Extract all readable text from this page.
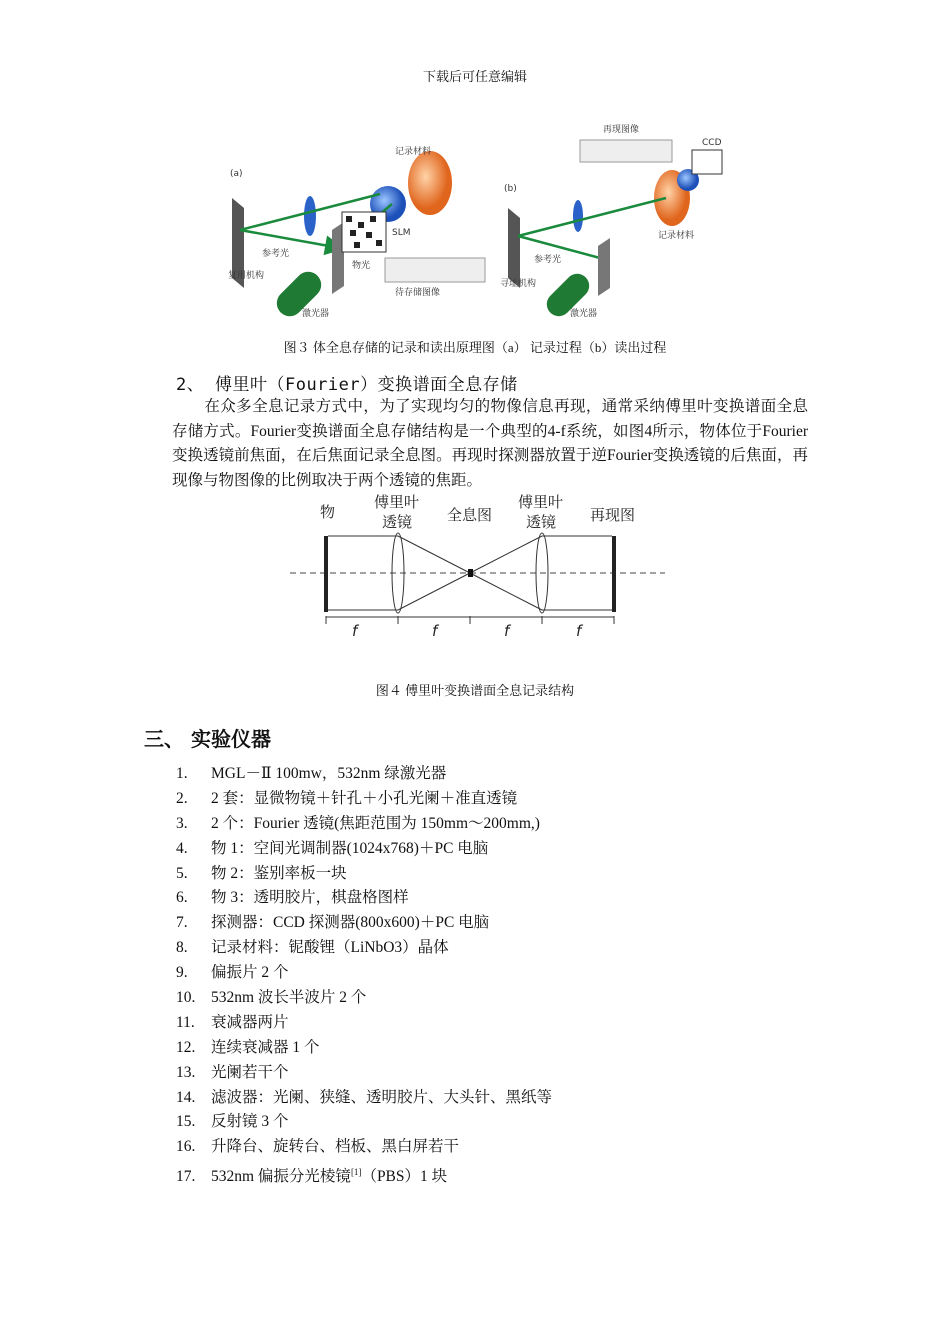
下载后可任意编辑
(a)
SLM
记录材料
参考光
物光
复用机构
激光器
待存储图像
(b)
再现图像
CCD
记录材料
参考光
寻址机构
激光器
图３ 体全息存储的记录和读出原理图（a） 记录过程（b）读出过程
2、 傅里叶（Fourier）变换谱面全息存储
在众多全息记录方式中，为了实现均匀的物像信息再现，通常采纳傅里叶变换谱面全息存储方式。Fourier变换谱面全息存储结构是一个典型的4-f系统，如图4所示，物体位于Fourier变换透镜前焦面，在后焦面记录全息图。再现时探测器放置于逆Fourier变换透镜的后焦面，再现像与物图像的比例取决于两个透镜的焦距。
物
傅里叶
透镜 全息图
傅里叶
透镜 再现图
f	f	f	f
图４ 傅里叶变换谱面全息记录结构
三、 实验仪器
1. MGL－Ⅱ 100mw，532nm 绿激光器
2. 2 套：显微物镜＋针孔＋小孔光阑＋准直透镜
3. 2 个：Fourier 透镜(焦距范围为 150mm～200mm,)
4. 物 1：空间光调制器(1024x768)＋PC 电脑
5. 物 2：鉴别率板一块
6. 物 3：透明胶片，棋盘格图样
7. 探测器：CCD 探测器(800x600)＋PC 电脑
8. 记录材料：铌酸锂（LiNbO3）晶体
9. 偏振片 2 个
10. 532nm 波长半波片 2 个
11. 衰减器两片
12. 连续衰减器 1 个
13. 光阑若干个
14. 滤波器：光阑、狭缝、透明胶片、大头针、黑纸等
15. 反射镜 3 个
16. 升降台、旋转台、档板、黑白屏若干
17. 532nm 偏振分光棱镜[1]（PBS）1 块
